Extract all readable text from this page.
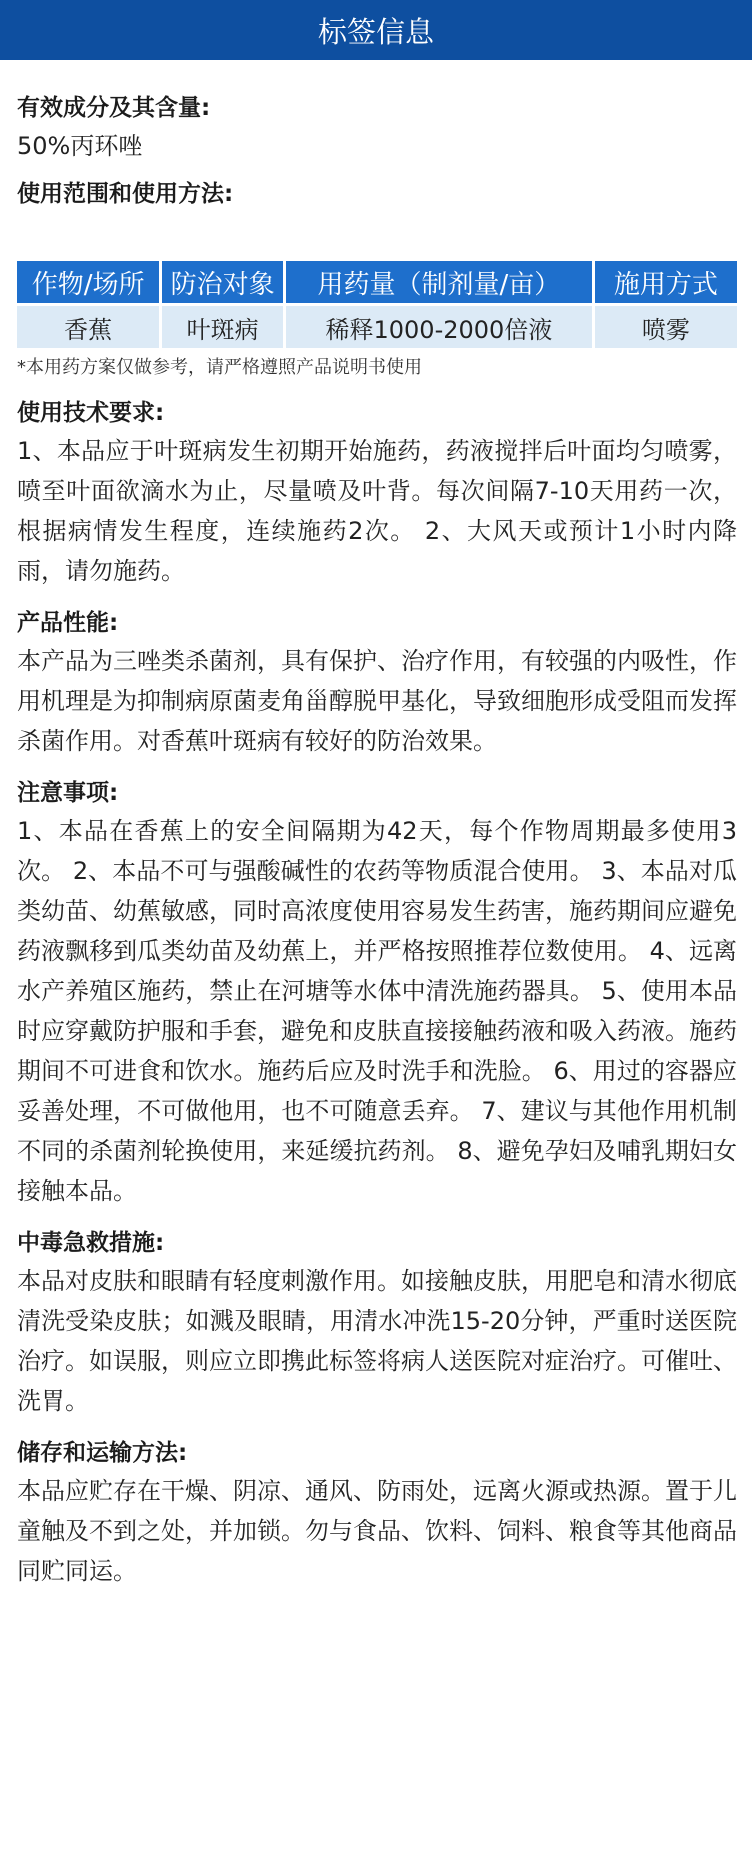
标签信息
有效成分及其含量:
50%丙环唑
使用范围和使用方法:
作物/场所	防治对象	用药量（制剂量/亩）	施用方式
香蕉	叶斑病	稀释1000-2000倍液	喷雾
*本用药方案仅做参考，请严格遵照产品说明书使用
使用技术要求:
1、本品应于叶斑病发生初期开始施药，药液搅拌后叶面均匀喷雾，喷至叶面欲滴水为止，尽量喷及叶背。每次间隔7-10天用药一次，根据病情发生程度，连续施药2次。 2、大风天或预计1小时内降雨，请勿施药。
产品性能:
本产品为三唑类杀菌剂，具有保护、治疗作用，有较强的内吸性，作用机理是为抑制病原菌麦角甾醇脱甲基化，导致细胞形成受阻而发挥杀菌作用。对香蕉叶斑病有较好的防治效果。
注意事项:
1、本品在香蕉上的安全间隔期为42天，每个作物周期最多使用3次。 2、本品不可与强酸碱性的农药等物质混合使用。 3、本品对瓜类幼苗、幼蕉敏感，同时高浓度使用容易发生药害，施药期间应避免药液飘移到瓜类幼苗及幼蕉上，并严格按照推荐位数使用。 4、远离水产养殖区施药，禁止在河塘等水体中清洗施药器具。 5、使用本品时应穿戴防护服和手套，避免和皮肤直接接触药液和吸入药液。施药期间不可进食和饮水。施药后应及时洗手和洗脸。 6、用过的容器应妥善处理，不可做他用，也不可随意丢弃。 7、建议与其他作用机制不同的杀菌剂轮换使用，来延缓抗药剂。 8、避免孕妇及哺乳期妇女接触本品。
中毒急救措施:
本品对皮肤和眼睛有轻度刺激作用。如接触皮肤，用肥皂和清水彻底清洗受染皮肤；如溅及眼睛，用清水冲洗15-20分钟，严重时送医院治疗。如误服，则应立即携此标签将病人送医院对症治疗。可催吐、洗胃。
储存和运输方法:
本品应贮存在干燥、阴凉、通风、防雨处，远离火源或热源。置于儿童触及不到之处，并加锁。勿与食品、饮料、饲料、粮食等其他商品同贮同运。
